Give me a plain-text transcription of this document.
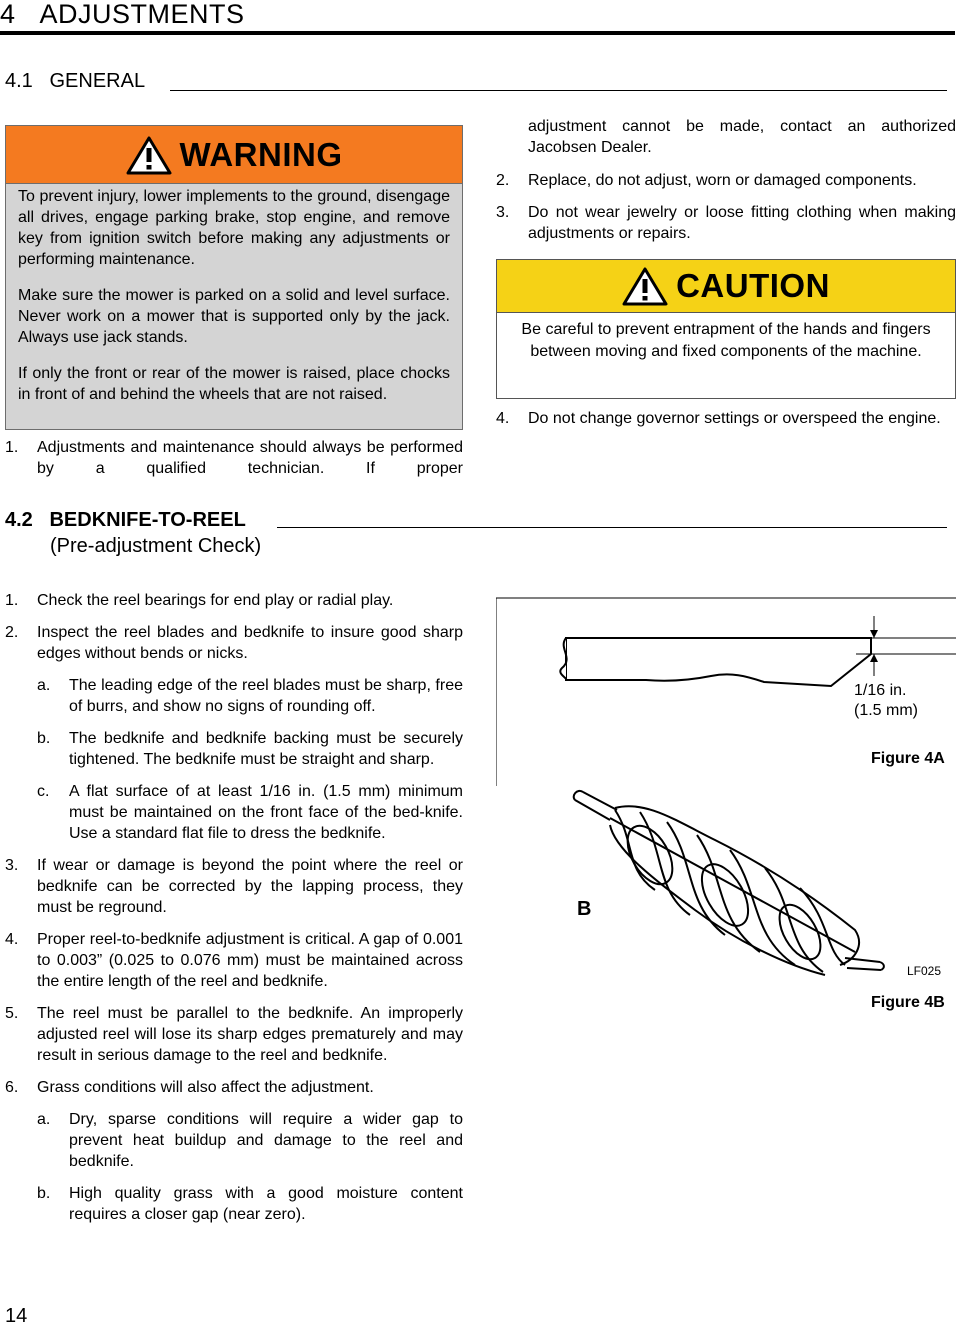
4 ADJUSTMENTS
4.1 GENERAL
WARNING
To prevent injury, lower implements to the ground, disengage all drives, engage parking brake, stop engine, and remove key from ignition switch before making any adjustments or performing maintenance.
Make sure the mower is parked on a solid and level surface. Never work on a mower that is supported only by the jack. Always use jack stands.
If only the front or rear of the mower is raised, place chocks in front of and behind the wheels that are not raised.
1.	Adjustments and maintenance should always be performed by a qualified technician. If proper
adjustment cannot be made, contact an authorized Jacobsen Dealer.
2.	Replace, do not adjust, worn or damaged components.
3.	Do not wear jewelry or loose fitting clothing when making adjustments or repairs.
CAUTION
Be careful to prevent entrapment of the hands and fingers between moving and fixed components of the machine.
4.	Do not change governor settings or overspeed the engine.
4.2 BEDKNIFE-TO-REEL
(Pre-adjustment Check)
1.	Check the reel bearings for end play or radial play.
2.	Inspect the reel blades and bedknife to insure good sharp edges without bends or nicks.
a.	The leading edge of the reel blades must be sharp, free of burrs, and show no signs of rounding off.
b.	The bedknife and bedknife backing must be securely tightened. The bedknife must be straight and sharp.
c.	A flat surface of at least 1/16 in. (1.5 mm) minimum must be maintained on the front face of the bed-knife. Use a standard flat file to dress the bedknife.
3.	If wear or damage is beyond the point where the reel or bedknife can be corrected by the lapping process, they must be reground.
4.	Proper reel-to-bedknife adjustment is critical. A gap of 0.001 to 0.003” (0.025 to 0.076 mm) must be maintained across the entire length of the reel and bedknife.
5.	The reel must be parallel to the bedknife. An improperly adjusted reel will lose its sharp edges prematurely and may result in serious damage to the reel and bedknife.
6.	Grass conditions will also affect the adjustment.
a.	Dry, sparse conditions will require a wider gap to prevent heat buildup and damage to the reel and bedknife.
b.	High quality grass with a good moisture content requires a closer gap (near zero).
1/16 in.
(1.5 mm)
Figure 4A
B
LF025
Figure 4B
14
